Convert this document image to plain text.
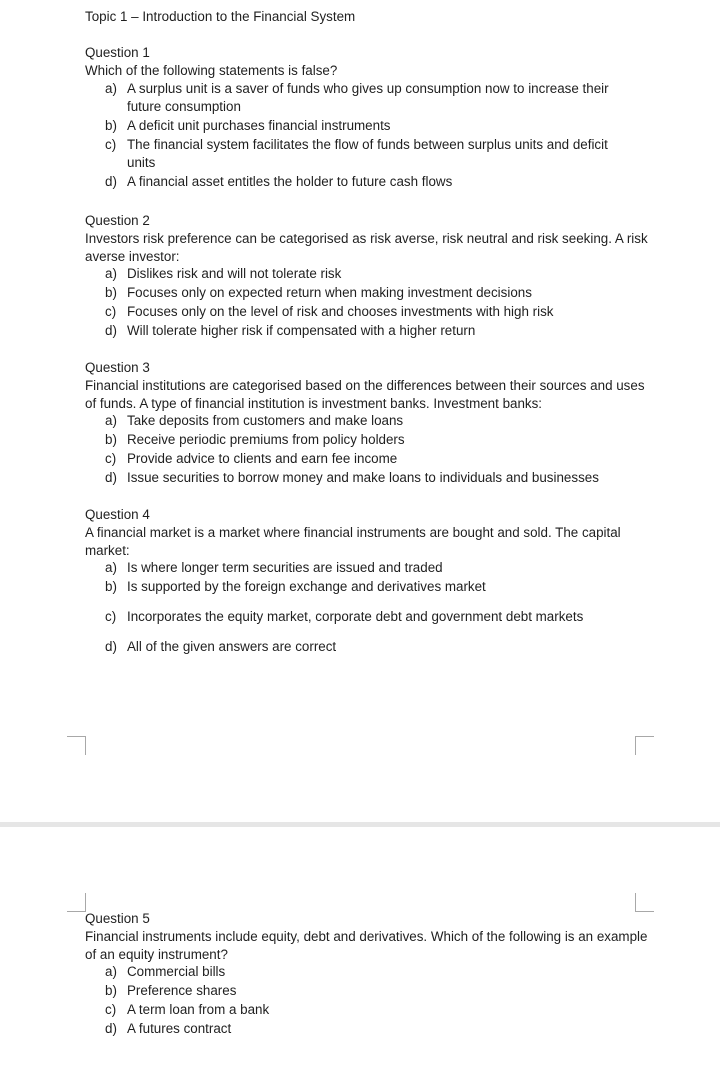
Topic 1 – Introduction to the Financial System
Question 1
Which of the following statements is false?
a) A surplus unit is a saver of funds who gives up consumption now to increase their future consumption
b) A deficit unit purchases financial instruments
c) The financial system facilitates the flow of funds between surplus units and deficit units
d) A financial asset entitles the holder to future cash flows
Question 2
Investors risk preference can be categorised as risk averse, risk neutral and risk seeking. A risk averse investor:
a) Dislikes risk and will not tolerate risk
b) Focuses only on expected return when making investment decisions
c) Focuses only on the level of risk and chooses investments with high risk
d) Will tolerate higher risk if compensated with a higher return
Question 3
Financial institutions are categorised based on the differences between their sources and uses of funds. A type of financial institution is investment banks. Investment banks:
a) Take deposits from customers and make loans
b) Receive periodic premiums from policy holders
c) Provide advice to clients and earn fee income
d) Issue securities to borrow money and make loans to individuals and businesses
Question 4
A financial market is a market where financial instruments are bought and sold. The capital market:
a) Is where longer term securities are issued and traded
b) Is supported by the foreign exchange and derivatives market
c) Incorporates the equity market, corporate debt and government debt markets
d) All of the given answers are correct
Question 5
Financial instruments include equity, debt and derivatives. Which of the following is an example of an equity instrument?
a) Commercial bills
b) Preference shares
c) A term loan from a bank
d) A futures contract
